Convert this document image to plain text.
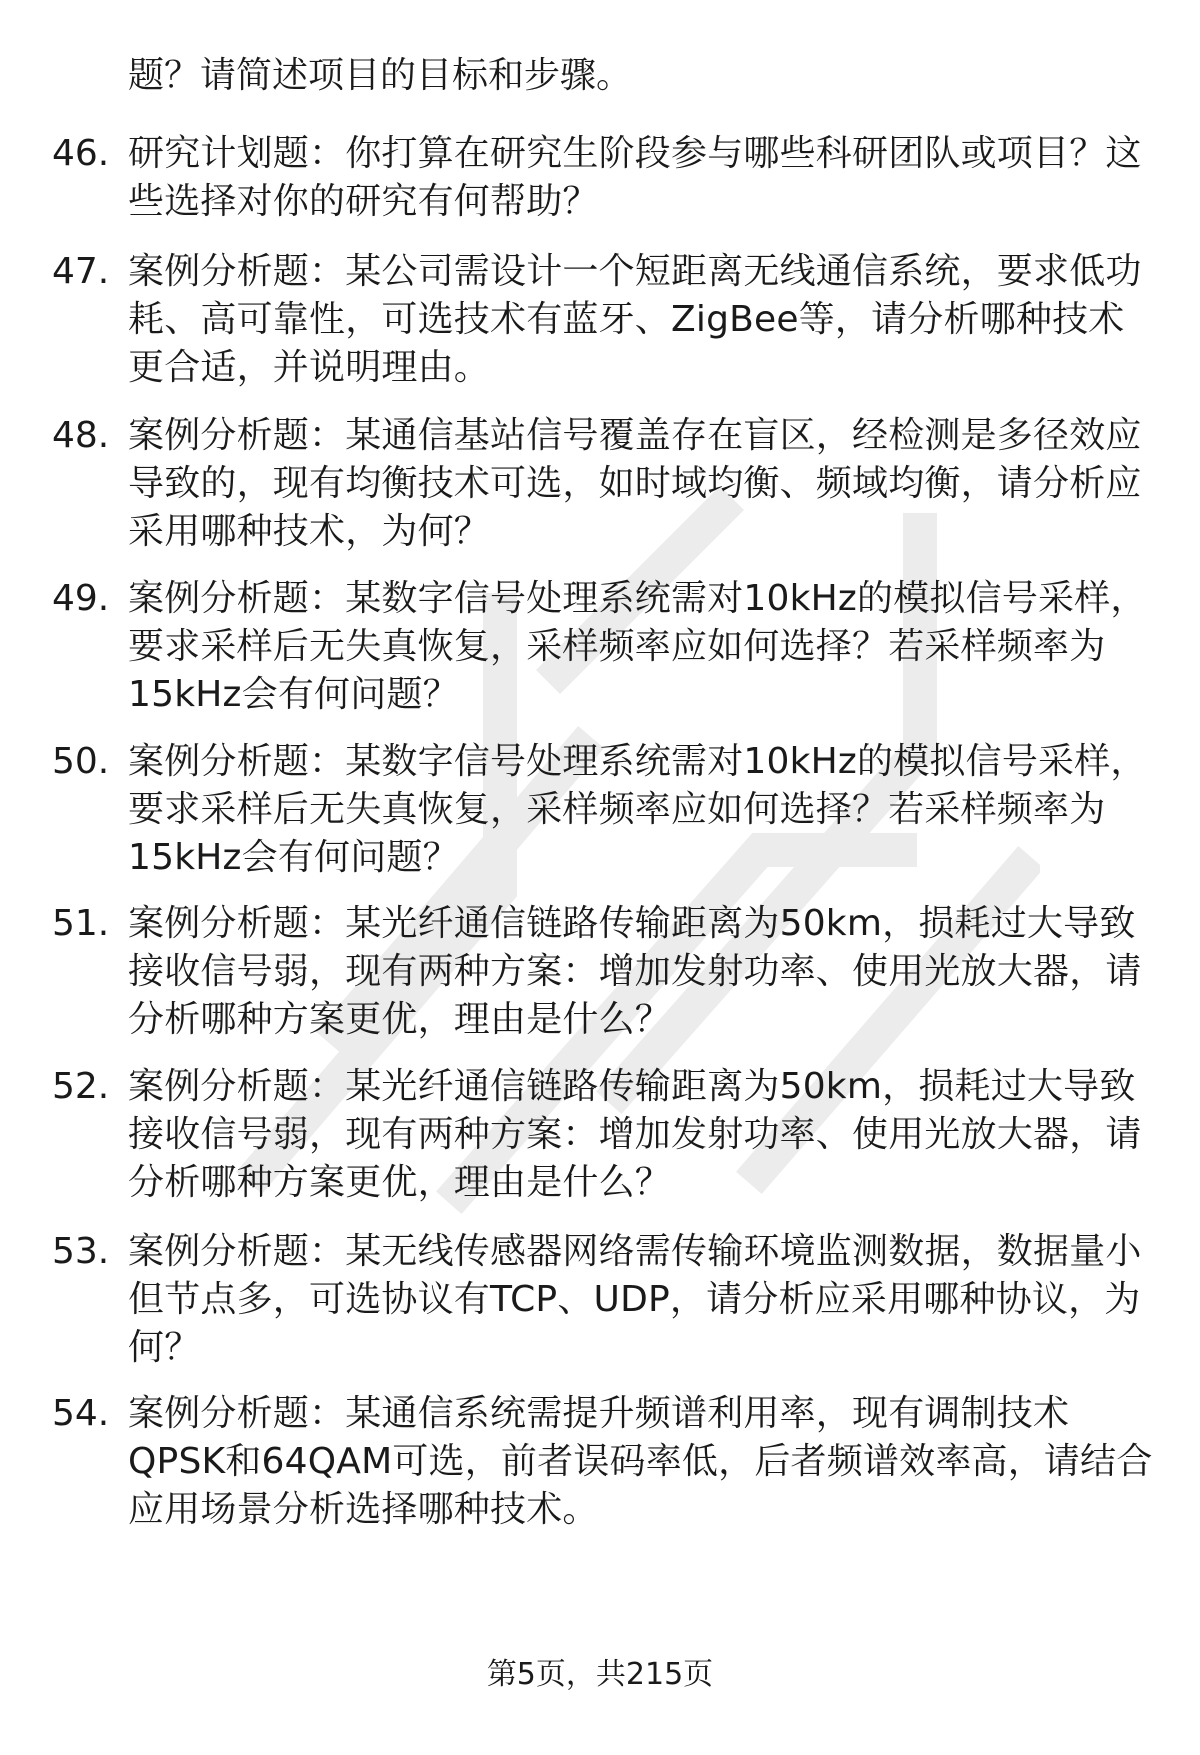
题？请简述项目的目标和步骤。
46. 研究计划题：你打算在研究生阶段参与哪些科研团队或项目？这些选择对你的研究有何帮助？
47. 案例分析题：某公司需设计一个短距离无线通信系统，要求低功耗、高可靠性，可选技术有蓝牙、ZigBee等，请分析哪种技术更合适，并说明理由。
48. 案例分析题：某通信基站信号覆盖存在盲区，经检测是多径效应导致的，现有均衡技术可选，如时域均衡、频域均衡，请分析应采用哪种技术，为何？
49. 案例分析题：某数字信号处理系统需对10kHz的模拟信号采样，要求采样后无失真恢复，采样频率应如何选择？若采样频率为15kHz会有何问题？
50. 案例分析题：某数字信号处理系统需对10kHz的模拟信号采样，要求采样后无失真恢复，采样频率应如何选择？若采样频率为15kHz会有何问题？
51. 案例分析题：某光纤通信链路传输距离为50km，损耗过大导致接收信号弱，现有两种方案：增加发射功率、使用光放大器，请分析哪种方案更优，理由是什么？
52. 案例分析题：某光纤通信链路传输距离为50km，损耗过大导致接收信号弱，现有两种方案：增加发射功率、使用光放大器，请分析哪种方案更优，理由是什么？
53. 案例分析题：某无线传感器网络需传输环境监测数据，数据量小但节点多，可选协议有TCP、UDP，请分析应采用哪种协议，为何？
54. 案例分析题：某通信系统需提升频谱利用率，现有调制技术QPSK和64QAM可选，前者误码率低，后者频谱效率高，请结合应用场景分析选择哪种技术。
第5页，共215页
